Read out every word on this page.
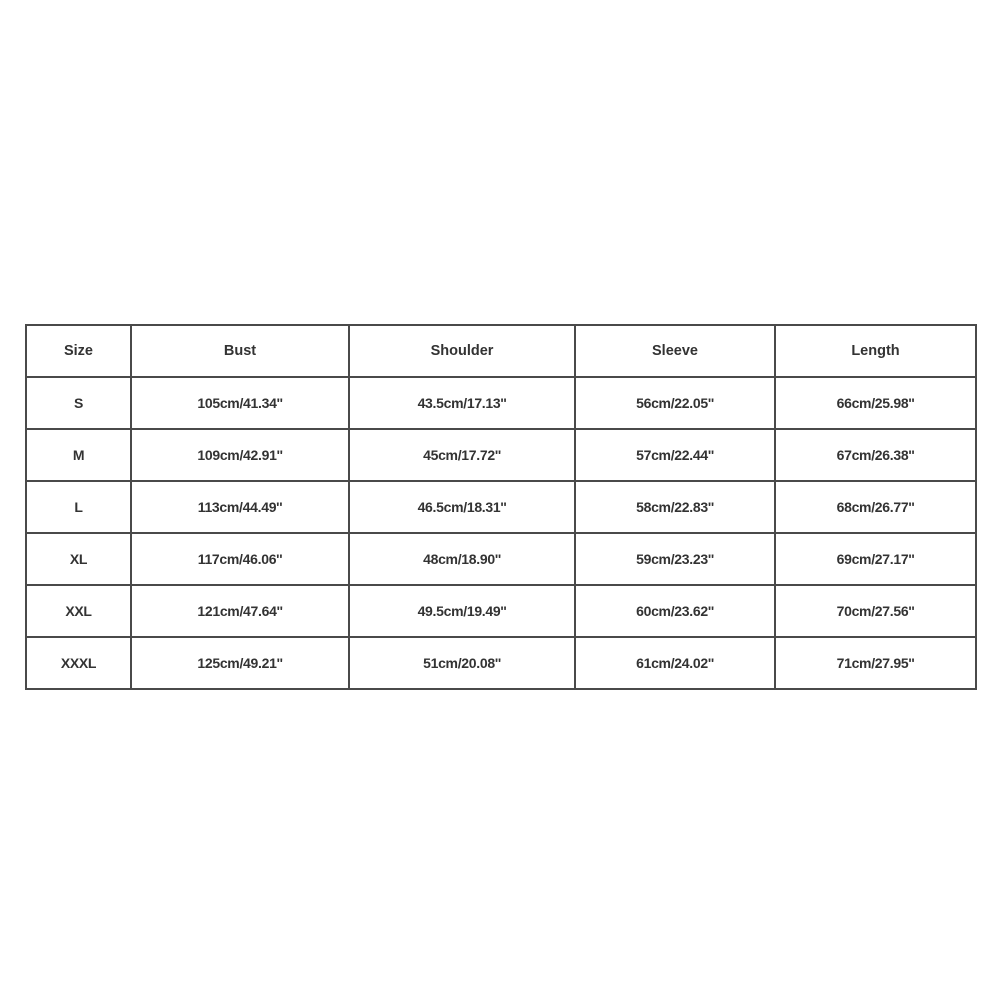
Size	Bust	Shoulder	Sleeve	Length
S	105cm/41.34''	43.5cm/17.13''	56cm/22.05''	66cm/25.98''
M	109cm/42.91''	45cm/17.72''	57cm/22.44''	67cm/26.38''
L	113cm/44.49''	46.5cm/18.31''	58cm/22.83''	68cm/26.77''
XL	117cm/46.06''	48cm/18.90''	59cm/23.23''	69cm/27.17''
XXL	121cm/47.64''	49.5cm/19.49''	60cm/23.62''	70cm/27.56''
XXXL	125cm/49.21''	51cm/20.08''	61cm/24.02''	71cm/27.95''
